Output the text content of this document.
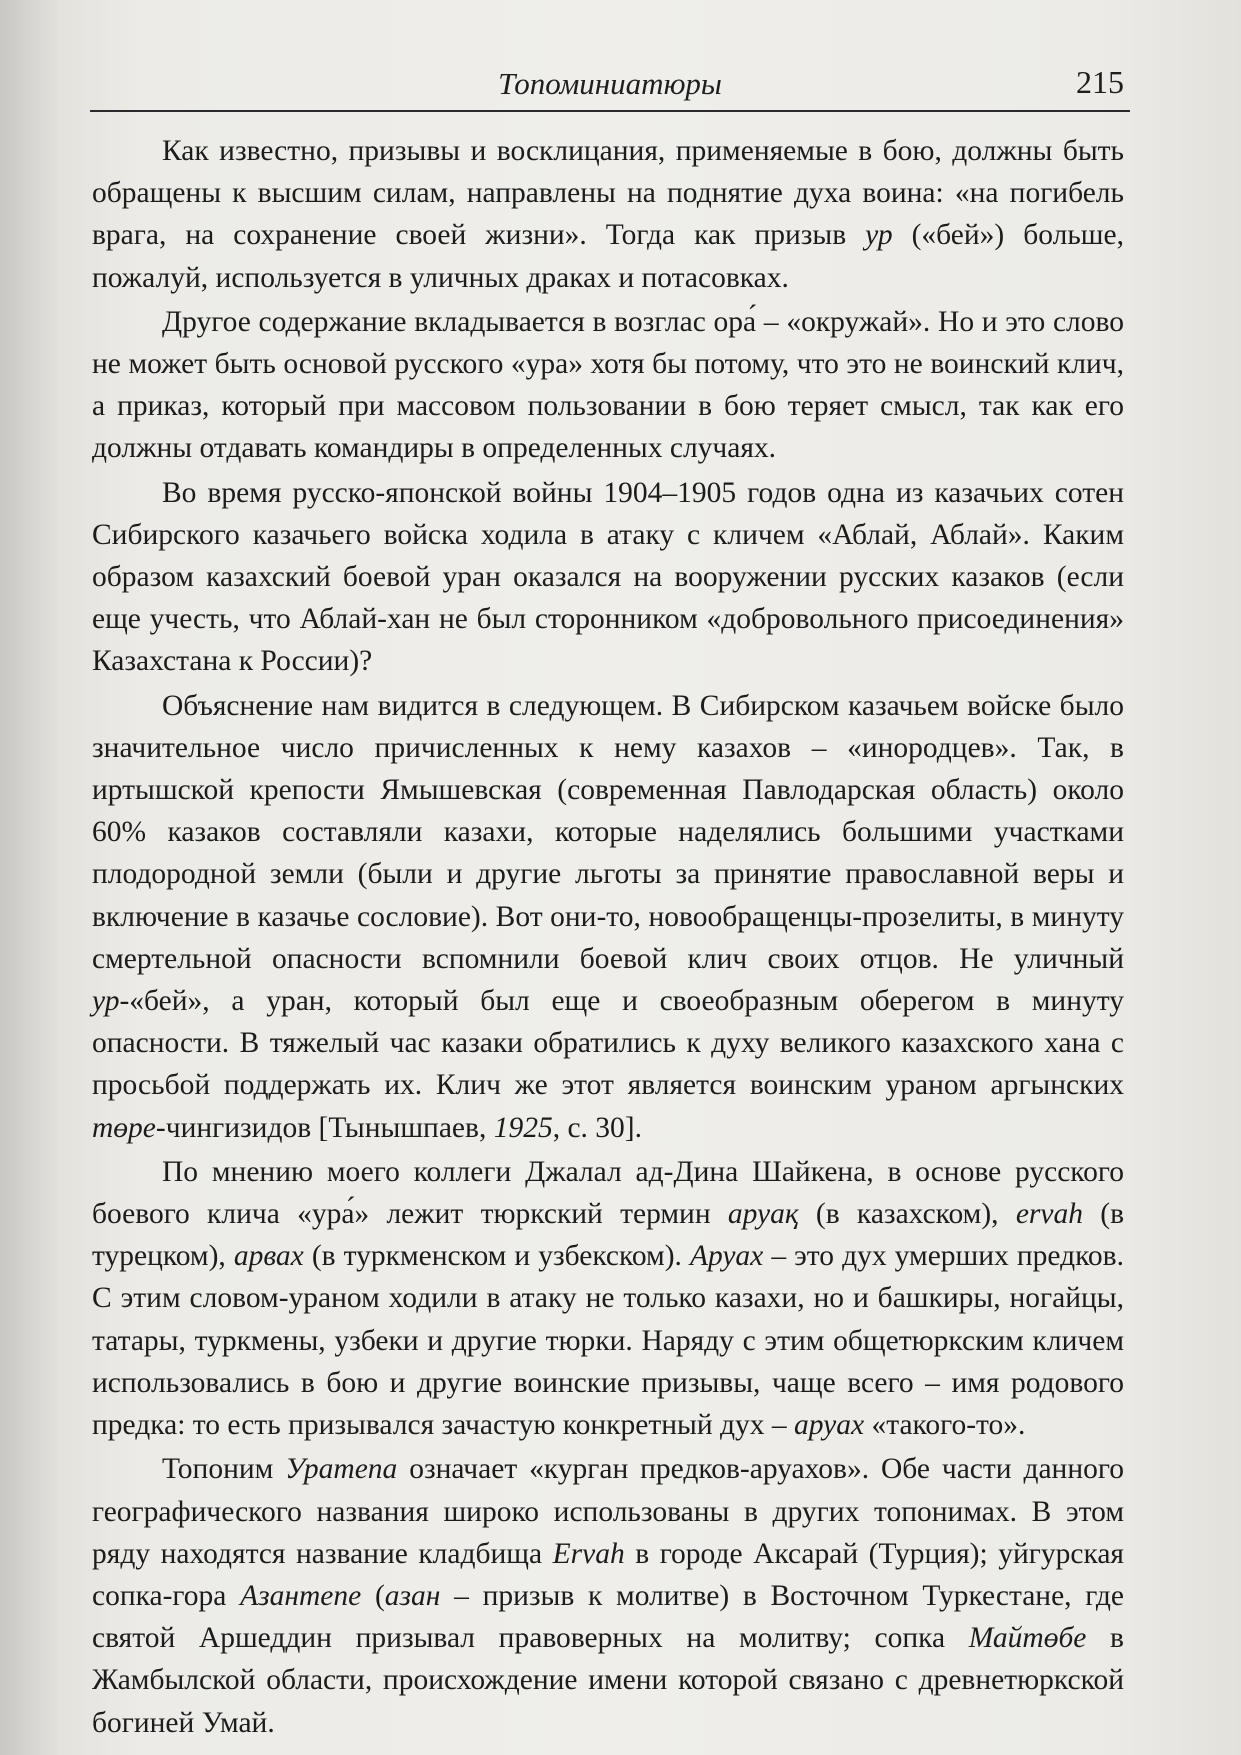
Топоминиатюры	215

Как известно, призывы и восклицания, применяемые в бою, должны быть обращены к высшим силам, направлены на поднятие духа воина: «на погибель врага, на сохранение своей жизни». Тогда как призыв ур («бей») больше, пожалуй, используется в уличных драках и потасовках.

Другое содержание вкладывается в возглас ора́ – «окружай». Но и это слово не может быть основой русского «ура» хотя бы потому, что это не воинский клич, а приказ, который при массовом пользовании в бою теряет смысл, так как его должны отдавать командиры в определенных случаях.

Во время русско-японской войны 1904–1905 годов одна из казачьих сотен Сибирского казачьего войска ходила в атаку с кличем «Аблай, Аблай». Каким образом казахский боевой уран оказался на вооружении русских казаков (если еще учесть, что Аблай-хан не был сторонником «добровольного присоединения» Казахстана к России)?

Объяснение нам видится в следующем. В Сибирском казачьем войске было значительное число причисленных к нему казахов – «инородцев». Так, в иртышской крепости Ямышевская (современная Павлодарская область) около 60% казаков составляли казахи, которые наделялись большими участками плодородной земли (были и другие льготы за принятие православной веры и включение в казачье сословие). Вот они-то, новообращенцы-прозелиты, в минуту смертельной опасности вспомнили боевой клич своих отцов. Не уличный ур-«бей», а уран, который был еще и своеобразным оберегом в минуту опасности. В тяжелый час казаки обратились к духу великого казахского хана с просьбой поддержать их. Клич же этот является воинским ураном аргынских төре-чингизидов [Тынышпаев, 1925, с. 30].

По мнению моего коллеги Джалал ад-Дина Шайкена, в основе русского боевого клича «ура́» лежит тюркский термин аруақ (в казахском), ervah (в турецком), арвах (в туркменском и узбекском). Аруах – это дух умерших предков. С этим словом-ураном ходили в атаку не только казахи, но и башкиры, ногайцы, татары, туркмены, узбеки и другие тюрки. Наряду с этим общетюркским кличем использовались в бою и другие воинские призывы, чаще всего – имя родового предка: то есть призывался зачастую конкретный дух – аруах «такого-то».

Топоним Уратепа означает «курган предков-аруахов». Обе части данного географического названия широко использованы в других топонимах. В этом ряду находятся название кладбища Ervah в городе Аксарай (Турция); уйгурская сопка-гора Азантепе (азан – призыв к молитве) в Восточном Туркестане, где святой Аршеддин призывал правоверных на молитву; сопка Майтөбе в Жамбылской области, происхождение имени которой связано с древнетюркской богиней Умай.
